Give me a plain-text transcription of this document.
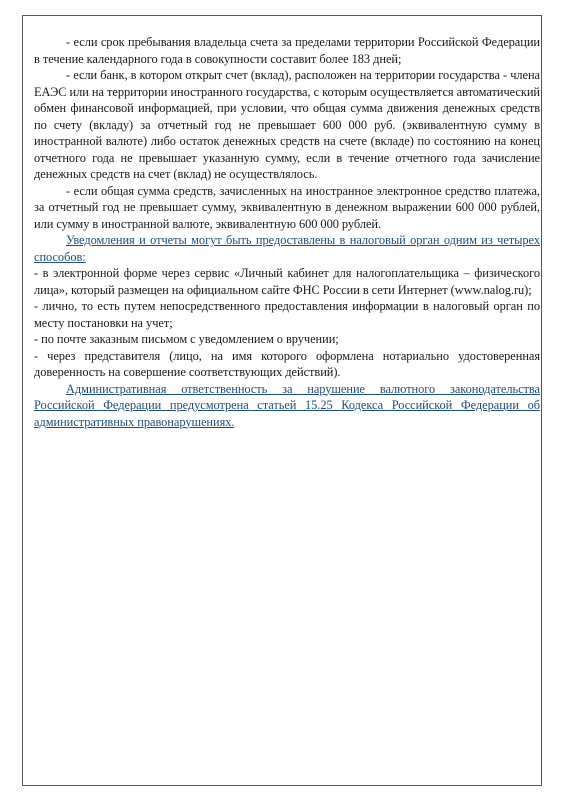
- если срок пребывания владельца счета за пределами территории Российской Федерации в течение календарного года в совокупности составит более 183 дней;

- если банк, в котором открыт счет (вклад), расположен на территории государства - члена ЕАЭС или на территории иностранного государства, с которым осуществляется автоматический обмен финансовой информацией, при условии, что общая сумма движения денежных средств по счету (вкладу) за отчетный год не превышает 600 000 руб. (эквивалентную сумму в иностранной валюте) либо остаток денежных средств на счете (вкладе) по состоянию на конец отчетного года не превышает указанную сумму, если в течение отчетного года зачисление денежных средств на счет (вклад) не осуществлялось.

- если общая сумма средств, зачисленных на иностранное электронное средство платежа, за отчетный год не превышает сумму, эквивалентную в денежном выражении 600 000 рублей, или сумму в иностранной валюте, эквивалентную 600 000 рублей.

Уведомления и отчеты могут быть предоставлены в налоговый орган одним из четырех способов:

- в электронной форме через сервис «Личный кабинет для налогоплательщика – физического лица», который размещен на официальном сайте ФНС России в сети Интернет (www.nalog.ru);

- лично, то есть путем непосредственного предоставления информации в налоговый орган по месту постановки на учет;

- по почте заказным письмом с уведомлением о вручении;

- через представителя (лицо, на имя которого оформлена нотариально удостоверенная доверенность на совершение соответствующих действий).

Административная ответственность за нарушение валютного законодательства Российской Федерации предусмотрена статьей 15.25 Кодекса Российской Федерации об административных правонарушениях.
